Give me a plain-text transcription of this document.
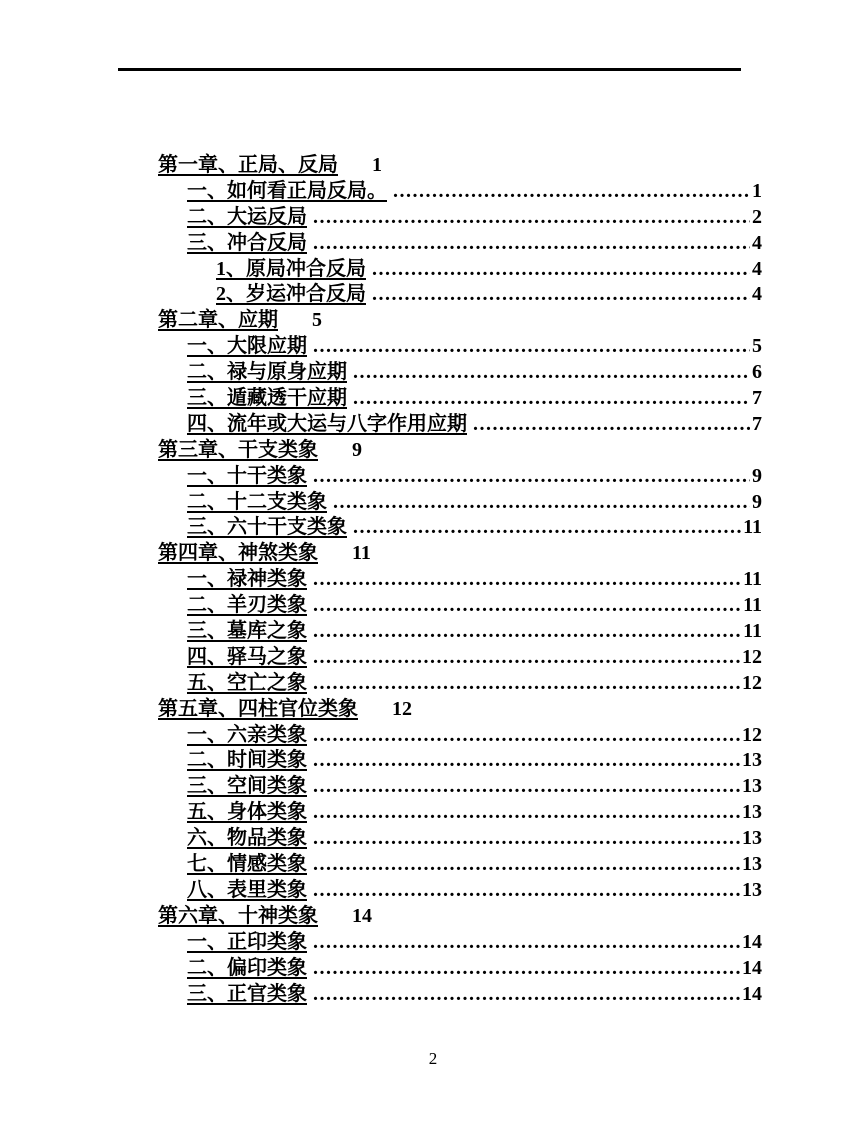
第一章、正局、反局 1
一、如何看正局反局。 .....	1
二、大运反局 .....	2
三、冲合反局 .....	4
1、原局冲合反局 .....	4
2、岁运冲合反局 .....	4
第二章、应期 5
一、大限应期 .....	5
二、禄与原身应期 .....	6
三、遁藏透干应期 .....	7
四、流年或大运与八字作用应期 .....	7
第三章、干支类象 9
一、十干类象 .....	9
二、十二支类象 .....	9
三、六十干支类象 .....	11
第四章、神煞类象 11
一、禄神类象 .....	11
二、羊刃类象 .....	11
三、墓库之象 .....	11
四、驿马之象 .....	12
五、空亡之象 .....	12
第五章、四柱官位类象 12
一、六亲类象 .....	12
二、时间类象 .....	13
三、空间类象 .....	13
五、身体类象 .....	13
六、物品类象 .....	13
七、情感类象 .....	13
八、表里类象 .....	13
第六章、十神类象 14
一、正印类象 .....	14
二、偏印类象 .....	14
三、正官类象 .....	14
2
